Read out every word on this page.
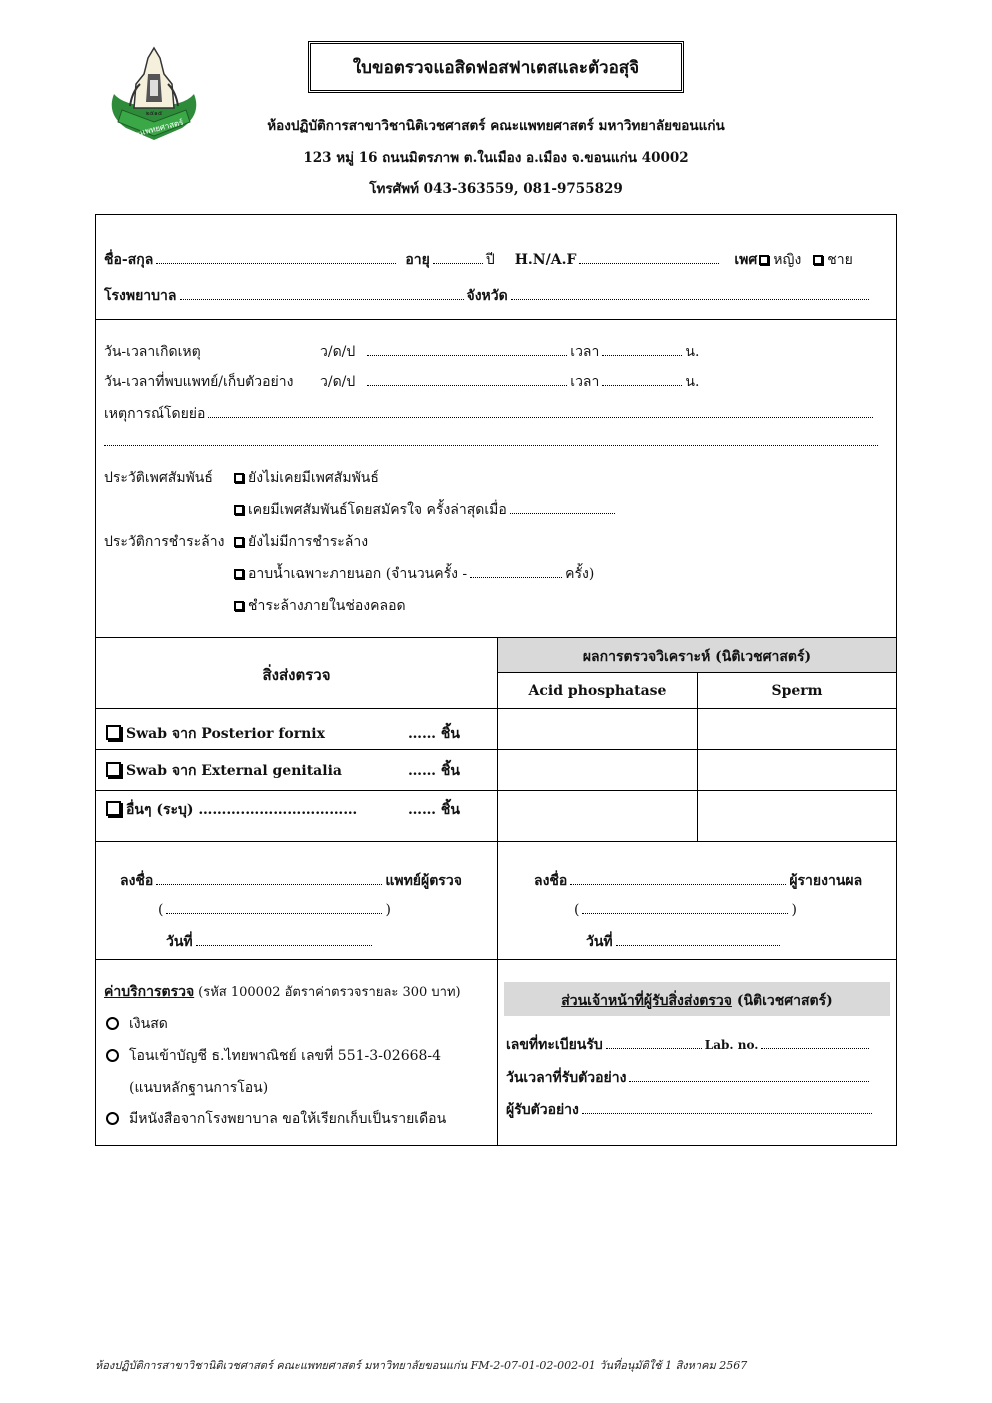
๒๕๑๕
คณะแพทยศาสตร์
ใบขอตรวจแอสิดฟอสฟาเตสและตัวอสุจิ
ห้องปฏิบัติการสาขาวิชานิติเวชศาสตร์ คณะแพทยศาสตร์ มหาวิทยาลัยขอนแก่น
123 หมู่ 16 ถนนมิตรภาพ ต.ในเมือง อ.เมือง จ.ขอนแก่น 40002
โทรศัพท์ 043-363559, 081-9755829
ชื่อ-สกุล	อายุ	ปี H.N/A.F	เพศ หญิง ชาย
โรงพยาบาล	จังหวัด
วัน-เวลาเกิดเหตุ	ว/ด/ป	เวลา	น.
วัน-เวลาที่พบแพทย์/เก็บตัวอย่าง	ว/ด/ป	เวลา	น.
เหตุการณ์โดยย่อ
ประวัติเพศสัมพันธ์	ยังไม่เคยมีเพศสัมพันธ์
เคยมีเพศสัมพันธ์โดยสมัครใจ ครั้งล่าสุดเมื่อ
ประวัติการชำระล้าง	ยังไม่มีการชำระล้าง
อาบน้ำเฉพาะภายนอก (จำนวนครั้ง -	ครั้ง)
ชำระล้างภายในช่องคลอด
ผลการตรวจวิเคราะห์ (นิติเวชศาสตร์)
Acid phosphatase	Sperm
สิ่งส่งตรวจ
Swab จาก Posterior fornix	…… ชิ้น
Swab จาก External genitalia	…… ชิ้น
อื่นๆ (ระบุ) ……….……………………	…… ชิ้น
ลงชื่อ	แพทย์ผู้ตรวจ
(	)
วันที่
ลงชื่อ	ผู้รายงานผล
(	)
วันที่
ค่าบริการตรวจ (รหัส 100002 อัตราค่าตรวจรายละ 300 บาท)
เงินสด
โอนเข้าบัญชี ธ.ไทยพาณิชย์ เลขที่ 551-3-02668-4
(แนบหลักฐานการโอน)
มีหนังสือจากโรงพยาบาล ขอให้เรียกเก็บเป็นรายเดือน
ส่วนเจ้าหน้าที่ผู้รับสิ่งส่งตรวจ (นิติเวชศาสตร์)
เลขที่ทะเบียนรับ	Lab. no.
วันเวลาที่รับตัวอย่าง
ผู้รับตัวอย่าง
ห้องปฏิบัติการสาขาวิชานิติเวชศาสตร์ คณะแพทยศาสตร์ มหาวิทยาลัยขอนแก่น FM-2-07-01-02-002-01 วันที่อนุมัติใช้ 1 สิงหาคม 2567
